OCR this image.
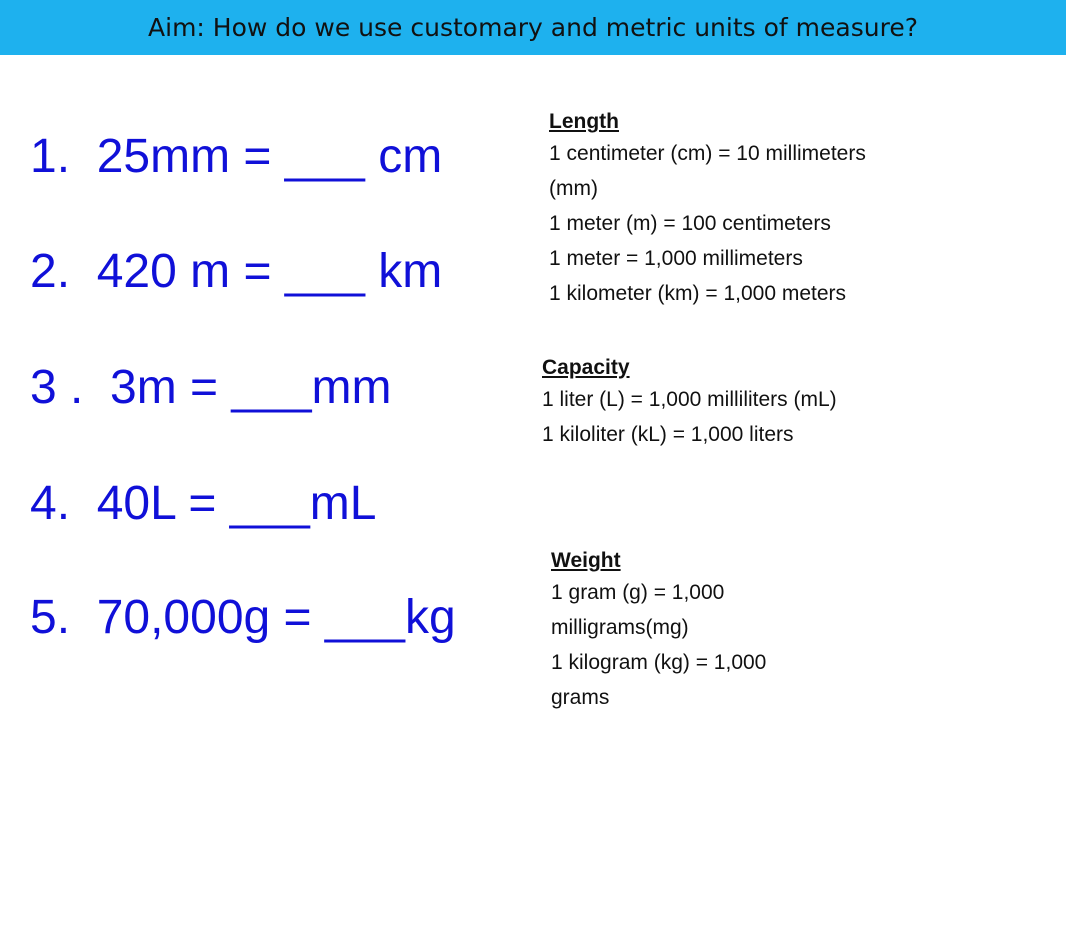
Aim: How do we use customary and metric units of measure?
1.  25mm = ___ cm
2.  420 m = ___ km
3 .  3m = ___mm
4.  40L = ___mL
5.  70,000g = ___kg
Length
1 centimeter (cm) = 10 millimeters
(mm)
1 meter (m) = 100 centimeters
1 meter = 1,000 millimeters
1 kilometer (km) = 1,000 meters
Capacity
1 liter (L) = 1,000 milliliters (mL)
1 kiloliter (kL) = 1,000 liters
Weight
1 gram (g) = 1,000
milligrams(mg)
1 kilogram (kg) = 1,000
grams
